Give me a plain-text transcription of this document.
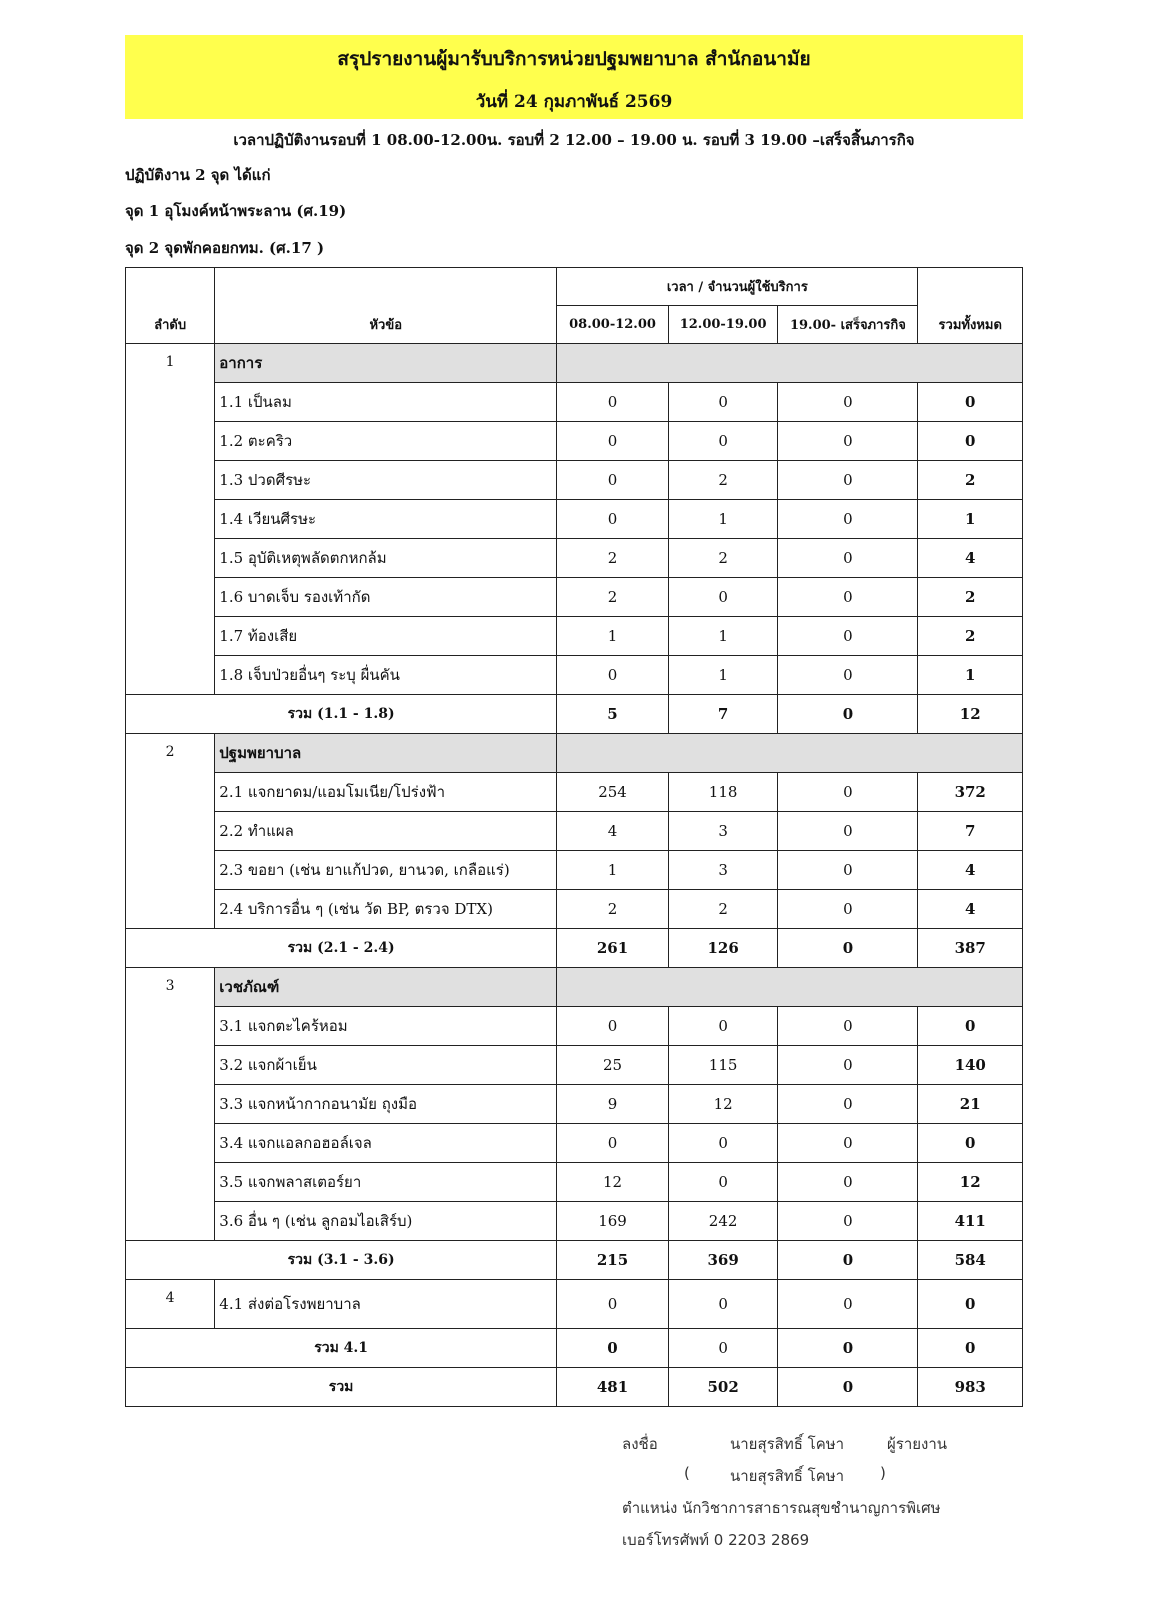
สรุปรายงานผู้มารับบริการหน่วยปฐมพยาบาล สำนักอนามัย
วันที่ 24 กุมภาพันธ์ 2569
เวลาปฏิบัติงานรอบที่ 1 08.00-12.00น. รอบที่ 2 12.00 – 19.00 น. รอบที่ 3 19.00 –เสร็จสิ้นภารกิจ
ปฏิบัติงาน 2 จุด ได้แก่
จุด 1 อุโมงค์หน้าพระลาน (ศ.19)
จุด 2 จุดพักคอยกทม. (ศ.17 )
ลำดับ	หัวข้อ	เวลา / จำนวนผู้ใช้บริการ			รวมทั้งหมด
		08.00-12.00	12.00-19.00	19.00- เสร็จภารกิจ	
1	อาการ				
	1.1 เป็นลม	0	0	0	0
	1.2 ตะคริว	0	0	0	0
	1.3 ปวดศีรษะ	0	2	0	2
	1.4 เวียนศีรษะ	0	1	0	1
	1.5 อุบัติเหตุพลัดตกหกล้ม	2	2	0	4
	1.6 บาดเจ็บ รองเท้ากัด	2	0	0	2
	1.7 ท้องเสีย	1	1	0	2
	1.8 เจ็บป่วยอื่นๆ ระบุ ผื่นคัน	0	1	0	1
รวม (1.1 - 1.8)		5	7	0	12
2	ปฐมพยาบาล				
	2.1 แจกยาดม/แอมโมเนีย/โปร่งฟ้า	254	118	0	372
	2.2 ทำแผล	4	3	0	7
	2.3 ขอยา (เช่น ยาแก้ปวด, ยานวด, เกลือแร่)	1	3	0	4
	2.4 บริการอื่น ๆ (เช่น วัด BP, ตรวจ DTX)	2	2	0	4
รวม (2.1 - 2.4)		261	126	0	387
3	เวชภัณฑ์				
	3.1 แจกตะไคร้หอม	0	0	0	0
	3.2 แจกผ้าเย็น	25	115	0	140
	3.3 แจกหน้ากากอนามัย ถุงมือ	9	12	0	21
	3.4 แจกแอลกอฮอล์เจล	0	0	0	0
	3.5 แจกพลาสเตอร์ยา	12	0	0	12
	3.6 อื่น ๆ (เช่น ลูกอมไอเสิร์บ)	169	242	0	411
รวม (3.1 - 3.6)		215	369	0	584
4	4.1 ส่งต่อโรงพยาบาล	0	0	0	0
รวม 4.1		0	0	0	0
รวม		481	502	0	983
ลงชื่อ	นายสุรสิทธิ์ โคษา	ผู้รายงาน
(	นายสุรสิทธิ์ โคษา )
ตำแหน่ง นักวิชาการสาธารณสุขชำนาญการพิเศษ
เบอร์โทรศัพท์ 0 2203 2869
